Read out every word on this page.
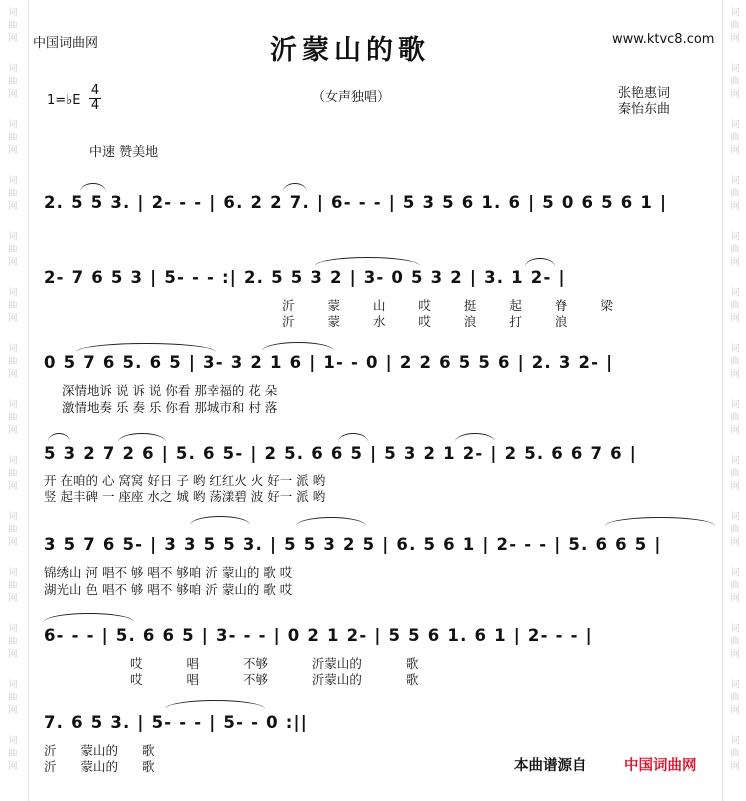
词
曲
网
词
曲
网
词
曲
网
词
曲
网
词
曲
网
词
曲
网
词
曲
网
词
曲
网
词
曲
网
词
曲
网
词
曲
网
词
曲
网
词
曲
网
词
曲
网
词
曲
网
词
曲
网
词
曲
网
词
曲
网
词
曲
网
词
曲
网
词
曲
网
词
曲
网
词
曲
网
词
曲
网
词
曲
网
词
曲
网
词
曲
网
词
曲
网
中国词曲网	www.ktvc8.com
沂蒙山的歌
（女声独唱）	张艳惠词
秦怡东曲
1=♭E
4
4
中速 赞美地
2. 5 5 3. | 2- - - | 6. 2 2 7. | 6- - - | 5 3 5 6 1. 6 | 5 0 6 5 6 1 |
2- 7 6 5 3 | 5- - - :| 2. 5 5 3 2 | 3- 0 5 3 2 | 3. 1 2- |
沂 蒙 山 哎 挺 起 脊 梁
沂 蒙 水 哎 浪 打 浪
0 5 7 6 5. 6 5 | 3- 3 2 1 6 | 1- - 0 | 2 2 6 5 5 6 | 2. 3 2- |
深情地诉 说 诉 说 你看 那幸福的 花 朵
激情地奏 乐 奏 乐 你看 那城市和 村 落
5 3 2 7 2 6 | 5. 6 5- | 2 5. 6 6 5 | 5 3 2 1 2- | 2 5. 6 6 7 6 |
开 在咱的 心 窝窝 好日 子 哟 红红火 火 好一 派 哟
竖 起丰碑 一 座座 水之 城 哟 荡漾碧 波 好一 派 哟
3 5 7 6 5- | 3 3 5 5 3. | 5 5 3 2 5 | 6. 5 6 1 | 2- - - | 5. 6 6 5 |
锦绣山 河 唱不 够 唱不 够咱 沂 蒙山的 歌 哎
湖光山 色 唱不 够 唱不 够咱 沂 蒙山的 歌 哎
6- - - | 5. 6 6 5 | 3- - - | 0 2 1 2- | 5 5 6 1. 6 1 | 2- - - |
哎 唱 不够 沂蒙山的 歌
哎 唱 不够 沂蒙山的 歌
7. 6 5 3. | 5- - - | 5- - 0 :||
沂 蒙山的 歌
沂 蒙山的 歌	本曲谱源自	中国词曲网
